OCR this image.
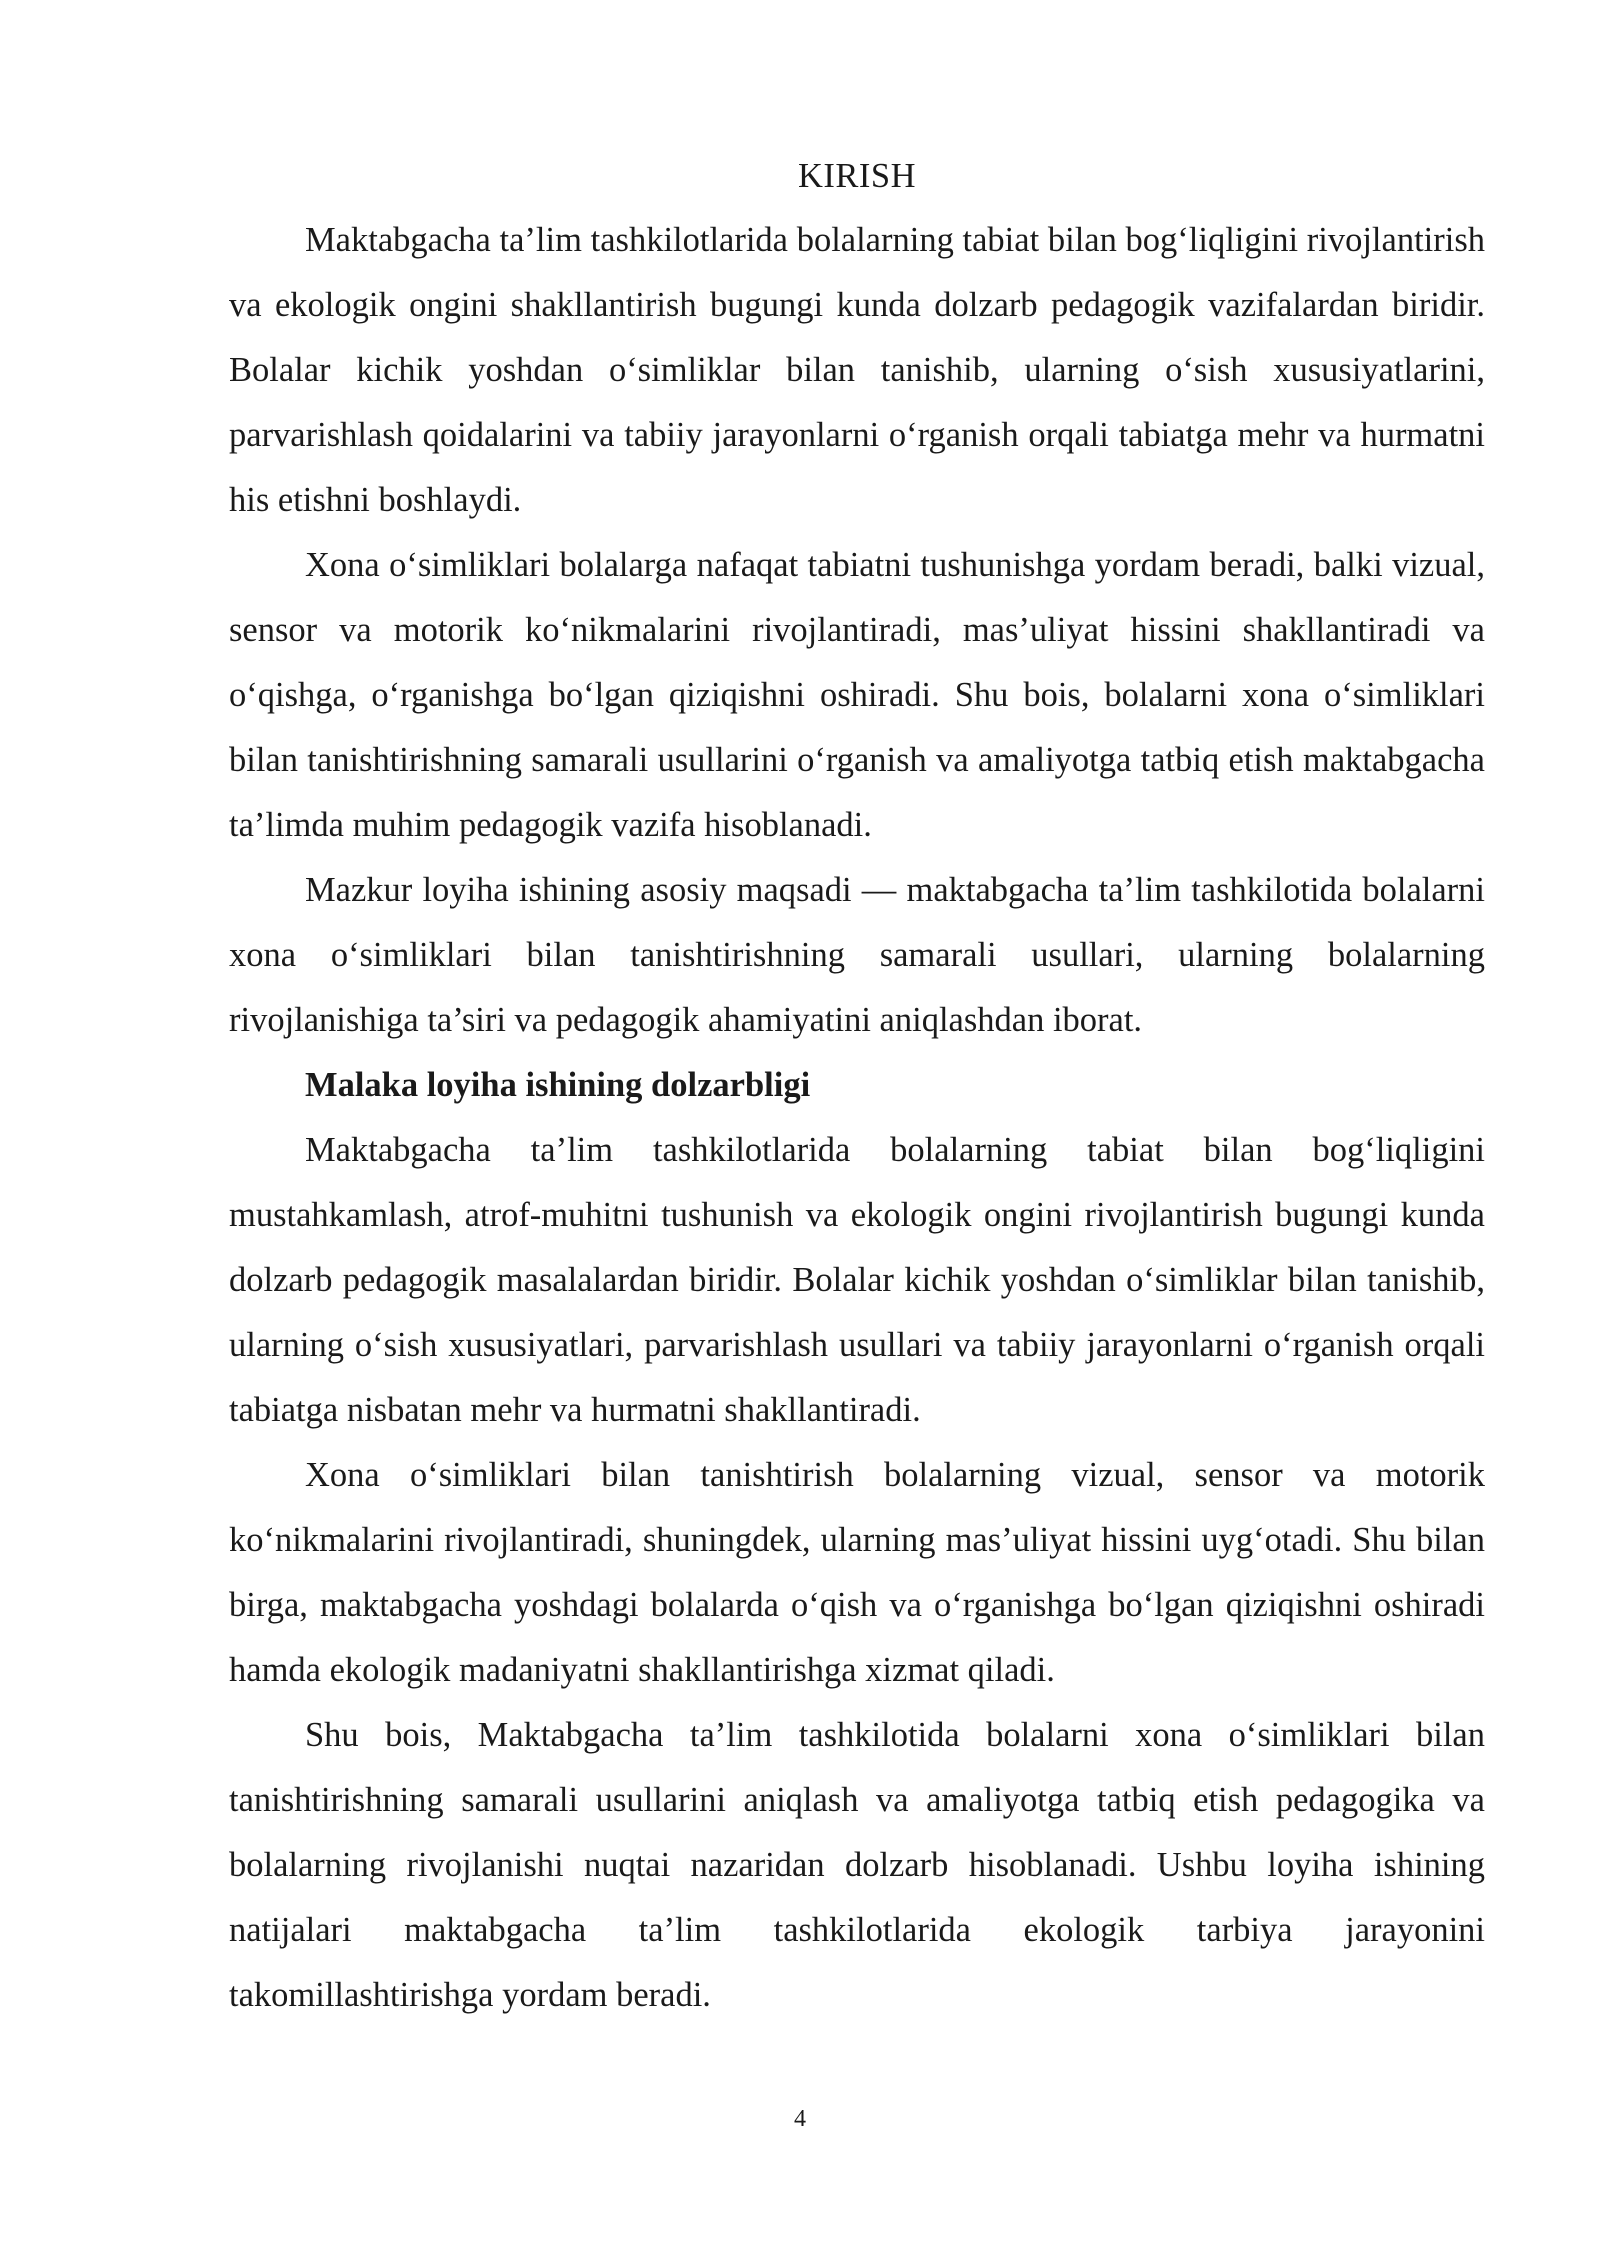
KIRISH

Maktabgacha ta’lim tashkilotlarida bolalarning tabiat bilan bog‘liqligini rivojlantirish va ekologik ongini shakllantirish bugungi kunda dolzarb pedagogik vazifalardan biridir. Bolalar kichik yoshdan o‘simliklar bilan tanishib, ularning o‘sish xususiyatlarini, parvarishlash qoidalarini va tabiiy jarayonlarni o‘rganish orqali tabiatga mehr va hurmatni his etishni boshlaydi.

Xona o‘simliklari bolalarga nafaqat tabiatni tushunishga yordam beradi, balki vizual, sensor va motorik ko‘nikmalarini rivojlantiradi, mas’uliyat hissini shakllantiradi va o‘qishga, o‘rganishga bo‘lgan qiziqishni oshiradi. Shu bois, bolalarni xona o‘simliklari bilan tanishtirishning samarali usullarini o‘rganish va amaliyotga tatbiq etish maktabgacha ta’limda muhim pedagogik vazifa hisoblanadi.

Mazkur loyiha ishining asosiy maqsadi — maktabgacha ta’lim tashkilotida bolalarni xona o‘simliklari bilan tanishtirishning samarali usullari, ularning bolalarning rivojlanishiga ta’siri va pedagogik ahamiyatini aniqlashdan iborat.

Malaka loyiha ishining dolzarbligi

Maktabgacha ta’lim tashkilotlarida bolalarning tabiat bilan bog‘liqligini mustahkamlash, atrof-muhitni tushunish va ekologik ongini rivojlantirish bugungi kunda dolzarb pedagogik masalalardan biridir. Bolalar kichik yoshdan o‘simliklar bilan tanishib, ularning o‘sish xususiyatlari, parvarishlash usullari va tabiiy jarayonlarni o‘rganish orqali tabiatga nisbatan mehr va hurmatni shakllantiradi.

Xona o‘simliklari bilan tanishtirish bolalarning vizual, sensor va motorik ko‘nikmalarini rivojlantiradi, shuningdek, ularning mas’uliyat hissini uyg‘otadi. Shu bilan birga, maktabgacha yoshdagi bolalarda o‘qish va o‘rganishga bo‘lgan qiziqishni oshiradi hamda ekologik madaniyatni shakllantirishga xizmat qiladi.

Shu bois, Maktabgacha ta’lim tashkilotida bolalarni xona o‘simliklari bilan tanishtirishning samarali usullarini aniqlash va amaliyotga tatbiq etish pedagogika va bolalarning rivojlanishi nuqtai nazaridan dolzarb hisoblanadi. Ushbu loyiha ishining natijalari maktabgacha ta’lim tashkilotlarida ekologik tarbiya jarayonini takomillashtirishga yordam beradi.

4
